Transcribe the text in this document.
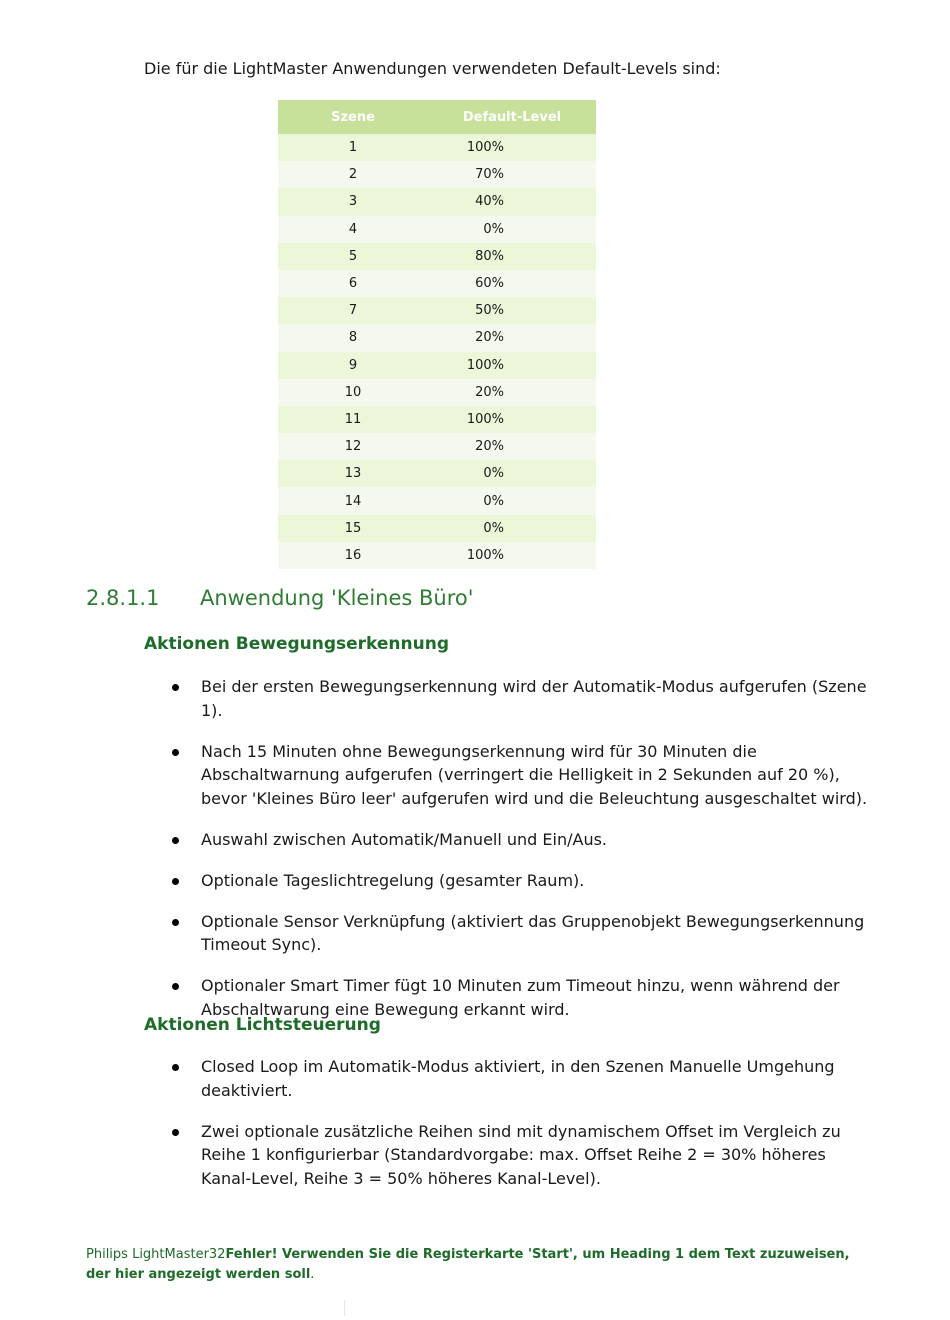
Die für die LightMaster Anwendungen verwendeten Default-Levels sind:
Szene	Default-Level
1	100%
2	70%
3	40%
4	0%
5	80%
6	60%
7	50%
8	20%
9	100%
10	20%
11	100%
12	20%
13	0%
14	0%
15	0%
16	100%
2.8.1.1 Anwendung 'Kleines Büro'
Aktionen Bewegungserkennung
Bei der ersten Bewegungserkennung wird der Automatik-Modus aufgerufen (Szene 1).
Nach 15 Minuten ohne Bewegungserkennung wird für 30 Minuten die Abschaltwarnung aufgerufen (verringert die Helligkeit in 2 Sekunden auf 20 %), bevor 'Kleines Büro leer' aufgerufen wird und die Beleuchtung ausgeschaltet wird).
Auswahl zwischen Automatik/Manuell und Ein/Aus.
Optionale Tageslichtregelung (gesamter Raum).
Optionale Sensor Verknüpfung (aktiviert das Gruppenobjekt Bewegungserkennung Timeout Sync).
Optionaler Smart Timer fügt 10 Minuten zum Timeout hinzu, wenn während der Abschaltwarung eine Bewegung erkannt wird.
Aktionen Lichtsteuerung
Closed Loop im Automatik-Modus aktiviert, in den Szenen Manuelle Umgehung deaktiviert.
Zwei optionale zusätzliche Reihen sind mit dynamischem Offset im Vergleich zu Reihe 1 konfigurierbar (Standardvorgabe: max. Offset Reihe 2 = 30% höheres Kanal-Level, Reihe 3 = 50% höheres Kanal-Level).
Philips LightMaster32Fehler! Verwenden Sie die Registerkarte 'Start', um Heading 1 dem Text zuzuweisen, der hier angezeigt werden soll.
